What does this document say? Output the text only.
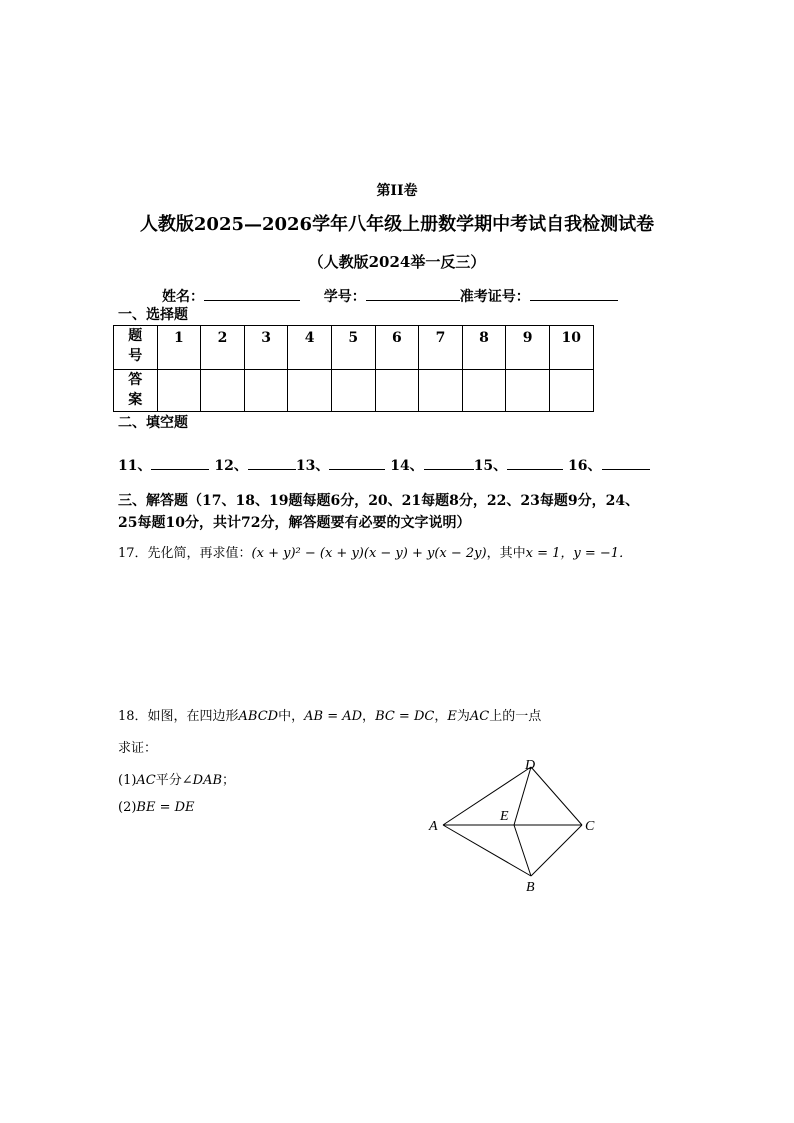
第II卷
人教版2025—2026学年八年级上册数学期中考试自我检测试卷
（人教版2024举一反三）
姓名：	学号：	准考证号：
一、选择题
题
号	1	2	3	4	5	6	7	8	9	10

答
案										

二、填空题
11、	12、	13、	14、	15、	16、
三、解答题（17、18、19题每题6分，20、21每题8分，22、23每题9分，24、
25每题10分，共计72分，解答题要有必要的文字说明）
17．先化简，再求值：(x + y)² − (x + y)(x − y) + y(x − 2y)，其中x = 1，y = −1．
18．如图，在四边形ABCD中，AB = AD，BC = DC，E为AC上的一点
求证：
(1)AC平分∠DAB；
(2)BE = DE
A
D
C
B
E
